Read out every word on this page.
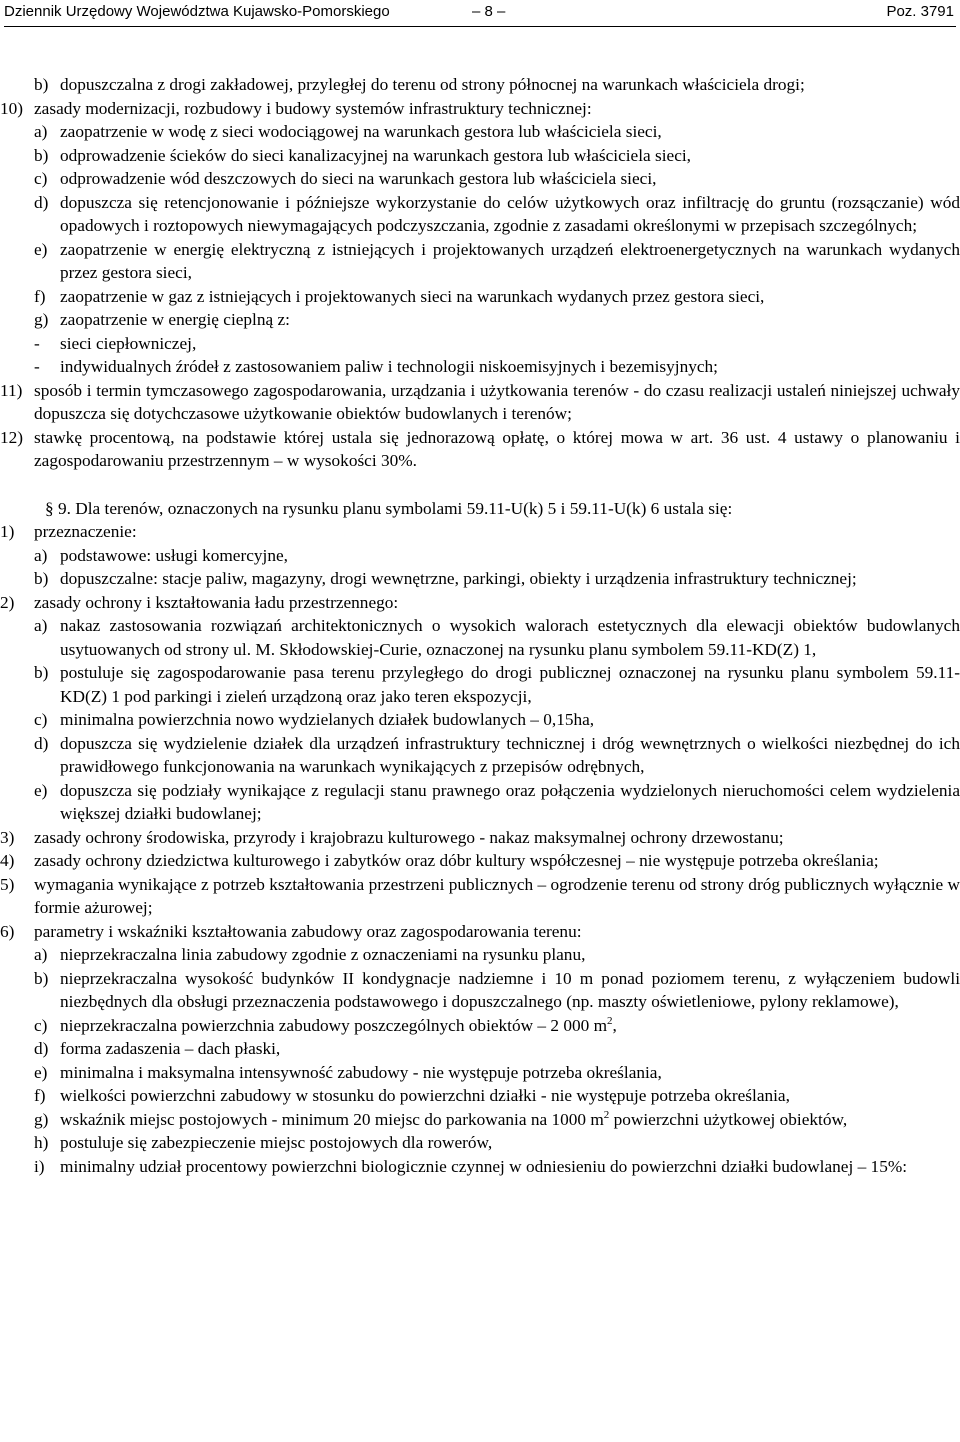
Dziennik Urzędowy Województwa Kujawsko-Pomorskiego	– 8 –	Poz. 3791
b) dopuszczalna z drogi zakładowej, przyległej do terenu od strony północnej na warunkach właściciela drogi;
10) zasady modernizacji, rozbudowy i budowy systemów infrastruktury technicznej:
a) zaopatrzenie w wodę z sieci wodociągowej na warunkach gestora lub właściciela sieci,
b) odprowadzenie ścieków do sieci kanalizacyjnej na warunkach gestora lub właściciela sieci,
c) odprowadzenie wód deszczowych do sieci na warunkach gestora lub właściciela sieci,
d) dopuszcza się retencjonowanie i późniejsze wykorzystanie do celów użytkowych oraz infiltrację do gruntu (rozsączanie) wód opadowych i roztopowych niewymagających podczyszczania, zgodnie z zasadami określonymi w przepisach szczególnych;
e) zaopatrzenie w energię elektryczną z istniejących i projektowanych urządzeń elektroenergetycznych na warunkach wydanych przez gestora sieci,
f) zaopatrzenie w gaz z istniejących i projektowanych sieci na warunkach wydanych przez gestora sieci,
g) zaopatrzenie w energię cieplną z:
-	sieci ciepłowniczej,
-	indywidualnych źródeł z zastosowaniem paliw i technologii niskoemisyjnych i bezemisyjnych;
11) sposób i termin tymczasowego zagospodarowania, urządzania i użytkowania terenów - do czasu realizacji ustaleń niniejszej uchwały dopuszcza się dotychczasowe użytkowanie obiektów budowlanych i terenów;
12) stawkę procentową, na podstawie której ustala się jednorazową opłatę, o której mowa w art. 36 ust. 4 ustawy o planowaniu i zagospodarowaniu przestrzennym – w wysokości 30%.
§ 9. Dla terenów, oznaczonych na rysunku planu symbolami 59.11-U(k) 5 i 59.11-U(k) 6 ustala się:
1)	przeznaczenie:
a) podstawowe: usługi komercyjne,
b) dopuszczalne: stacje paliw, magazyny, drogi wewnętrzne, parkingi, obiekty i urządzenia infrastruktury technicznej;
2)	zasady ochrony i kształtowania ładu przestrzennego:
a) nakaz zastosowania rozwiązań architektonicznych o wysokich walorach estetycznych dla elewacji obiektów budowlanych usytuowanych od strony ul. M. Skłodowskiej-Curie, oznaczonej na rysunku planu symbolem 59.11-KD(Z) 1,
b) postuluje się zagospodarowanie pasa terenu przyległego do drogi publicznej oznaczonej na rysunku planu symbolem 59.11-KD(Z) 1 pod parkingi i zieleń urządzoną oraz jako teren ekspozycji,
c) minimalna powierzchnia nowo wydzielanych działek budowlanych – 0,15ha,
d) dopuszcza się wydzielenie działek dla urządzeń infrastruktury technicznej i dróg wewnętrznych o wielkości niezbędnej do ich prawidłowego funkcjonowania na warunkach wynikających z przepisów odrębnych,
e) dopuszcza się podziały wynikające z regulacji stanu prawnego oraz połączenia wydzielonych nieruchomości celem wydzielenia większej działki budowlanej;
3)	zasady ochrony środowiska, przyrody i krajobrazu kulturowego - nakaz maksymalnej ochrony drzewostanu;
4)	zasady ochrony dziedzictwa kulturowego i zabytków oraz dóbr kultury współczesnej – nie występuje potrzeba określania;
5)	wymagania wynikające z potrzeb kształtowania przestrzeni publicznych – ogrodzenie terenu od strony dróg publicznych wyłącznie w formie ażurowej;
6)	parametry i wskaźniki kształtowania zabudowy oraz zagospodarowania terenu:
a) nieprzekraczalna linia zabudowy zgodnie z oznaczeniami na rysunku planu,
b) nieprzekraczalna wysokość budynków II kondygnacje nadziemne i 10 m ponad poziomem terenu, z wyłączeniem budowli niezbędnych dla obsługi przeznaczenia podstawowego i dopuszczalnego (np. maszty oświetleniowe, pylony reklamowe),
c) nieprzekraczalna powierzchnia zabudowy poszczególnych obiektów – 2 000 $m^2$,
d) forma zadaszenia – dach płaski,
e) minimalna i maksymalna intensywność zabudowy - nie występuje potrzeba określania,
f) wielkości powierzchni zabudowy w stosunku do powierzchni działki - nie występuje potrzeba określania,
g) wskaźnik miejsc postojowych - minimum 20 miejsc do parkowania na 1000 $m^2$ powierzchni użytkowej obiektów,
h) postuluje się zabezpieczenie miejsc postojowych dla rowerów,
i) minimalny udział procentowy powierzchni biologicznie czynnej w odniesieniu do powierzchni działki budowlanej – 15%:
